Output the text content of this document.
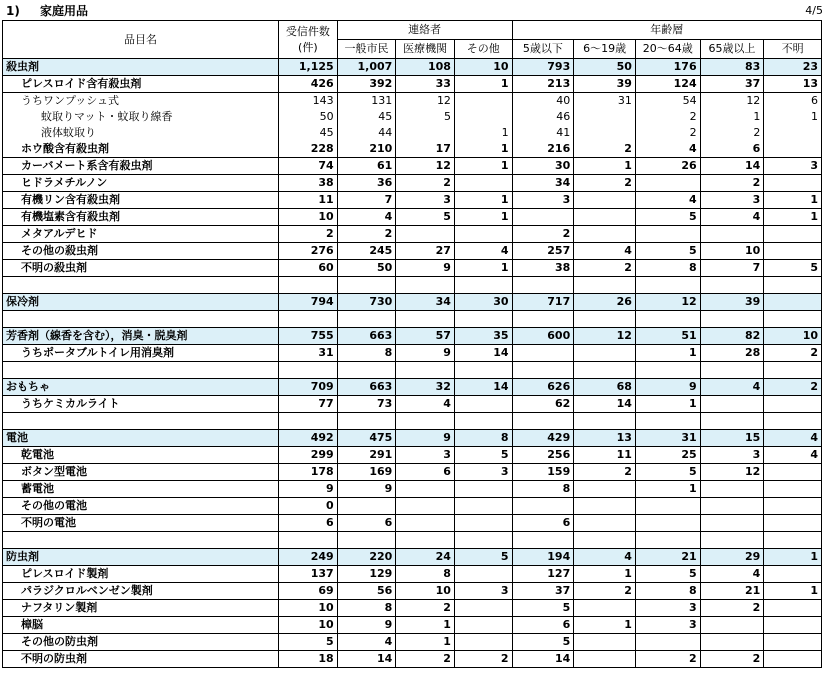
1) 家庭用品	4/5
品目名	受信件数
(件)	連絡者			年齢層				
		一般市民	医療機関	その他	5歳以下	6～19歳	20～64歳	65歳以上	不明
殺虫剤	1,125	1,007	108	10	793	50	176	83	23
ピレスロイド含有殺虫剤	426	392	33	1	213	39	124	37	13
うちワンプッシュ式	143	131	12		40	31	54	12	6
蚊取りマット・蚊取り線香	50	45	5		46		2	1	1
液体蚊取り	45	44		1	41		2	2	
ホウ酸含有殺虫剤	228	210	17	1	216	2	4	6	
カーバメート系含有殺虫剤	74	61	12	1	30	1	26	14	3
ヒドラメチルノン	38	36	2		34	2		2	
有機リン含有殺虫剤	11	7	3	1	3		4	3	1
有機塩素含有殺虫剤	10	4	5	1			5	4	1
メタアルデヒド	2	2			2				
その他の殺虫剤	276	245	27	4	257	4	5	10	
不明の殺虫剤	60	50	9	1	38	2	8	7	5

保冷剤	794	730	34	30	717	26	12	39	

芳香剤（線香を含む），消臭・脱臭剤	755	663	57	35	600	12	51	82	10
うちポータブルトイレ用消臭剤	31	8	9	14			1	28	2

おもちゃ	709	663	32	14	626	68	9	4	2
うちケミカルライト	77	73	4		62	14	1		

電池	492	475	9	8	429	13	31	15	4
乾電池	299	291	3	5	256	11	25	3	4
ボタン型電池	178	169	6	3	159	2	5	12	
蓄電池	9	9			8		1		
その他の電池	0								
不明の電池	6	6			6				

防虫剤	249	220	24	5	194	4	21	29	1
ピレスロイド製剤	137	129	8		127	1	5	4	
パラジクロルベンゼン製剤	69	56	10	3	37	2	8	21	1
ナフタリン製剤	10	8	2		5		3	2	
樟脳	10	9	1		6	1	3		
その他の防虫剤	5	4	1		5				
不明の防虫剤	18	14	2	2	14		2	2	
